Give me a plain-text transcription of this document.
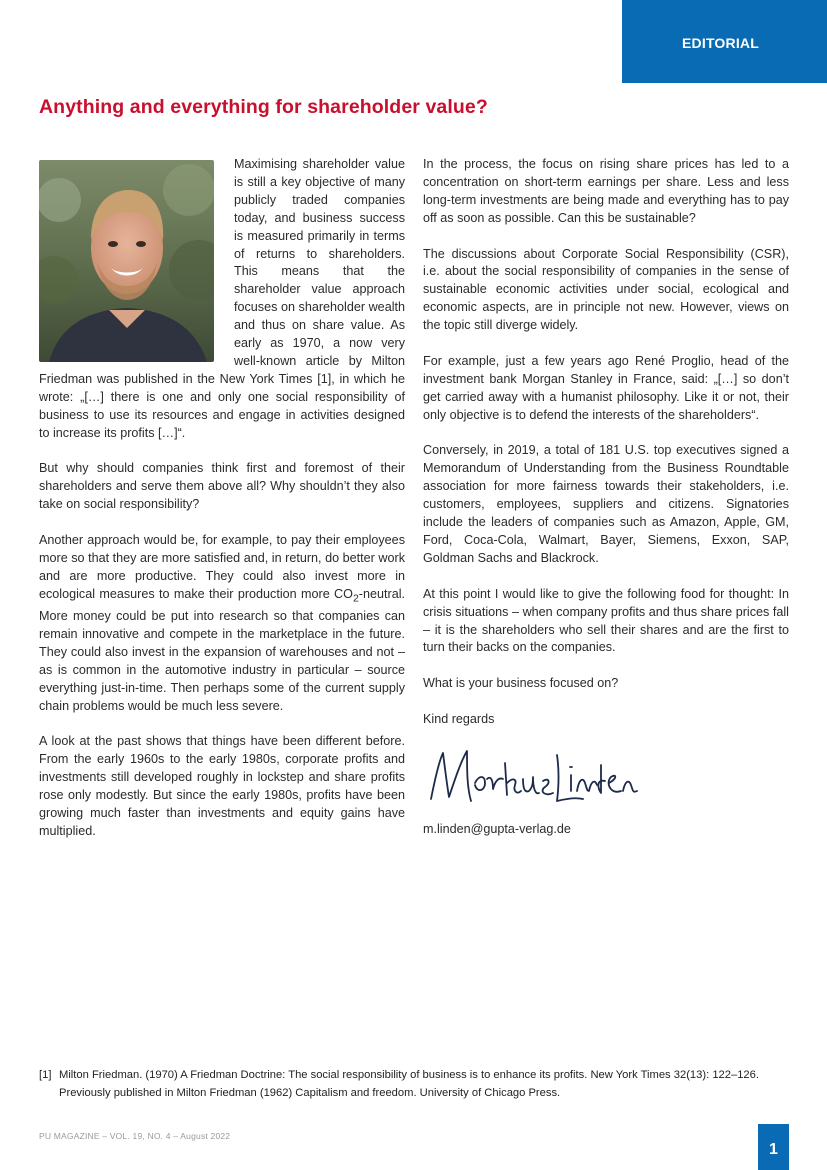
EDITORIAL
Anything and everything for shareholder value?

Maximising shareholder value is still a key objective of many publicly traded companies today, and business success is measured primarily in terms of returns to shareholders. This means that the shareholder value approach focuses on shareholder wealth and thus on share value. As early as 1970, a now very well-known article by Milton Friedman was published in the New York Times [1], in which he wrote: „[…] there is one and only one social responsibility of business to use its resources and engage in activities designed to increase its profits […]“.

But why should companies think first and foremost of their shareholders and serve them above all? Why shouldn’t they also take on social responsibility?

Another approach would be, for example, to pay their employees more so that they are more satisfied and, in return, do better work and are more productive. They could also invest more in ecological measures to make their production more $CO_2$-neutral. More money could be put into research so that companies can remain innovative and compete in the marketplace in the future. They could also invest in the expansion of warehouses and not – as is common in the automotive industry in particular – source everything just-in-time. Then perhaps some of the current supply chain problems would be much less severe.

A look at the past shows that things have been different before. From the early 1960s to the early 1980s, corporate profits and investments still developed roughly in lockstep and share profits rose only modestly. But since the early 1980s, profits have been growing much faster than investments and equity gains have multiplied.

In the process, the focus on rising share prices has led to a concentration on short-term earnings per share. Less and less long-term investments are being made and everything has to pay off as soon as possible. Can this be sustainable?

The discussions about Corporate Social Responsibility (CSR), i.e. about the social responsibility of companies in the sense of sustainable economic activities under social, ecological and economic aspects, are in principle not new. However, views on the topic still diverge widely.

For example, just a few years ago René Proglio, head of the investment bank Morgan Stanley in France, said: „[…] so don’t get carried away with a humanist philosophy. Like it or not, their only objective is to defend the interests of the shareholders“.

Conversely, in 2019, a total of 181 U.S. top executives signed a Memorandum of Understanding from the Business Roundtable association for more fairness towards their stakeholders, i.e. customers, employees, suppliers and citizens. Signatories include the leaders of companies such as Amazon, Apple, GM, Ford, Coca-Cola, Walmart, Bayer, Siemens, Exxon, SAP, Goldman Sachs and Blackrock.

At this point I would like to give the following food for thought: In crisis situations – when company profits and thus share prices fall – it is the shareholders who sell their shares and are the first to turn their backs on the companies.

What is your business focused on?

Kind regards

m.linden@gupta-verlag.de

[1] Milton Friedman. (1970) A Friedman Doctrine: The social responsibility of business is to enhance its profits. New York Times 32(13): 122–126. Previously published in Milton Friedman (1962) Capitalism and freedom. University of Chicago Press.
PU MAGAZINE – VOL. 19, NO. 4 – August 2022
1
